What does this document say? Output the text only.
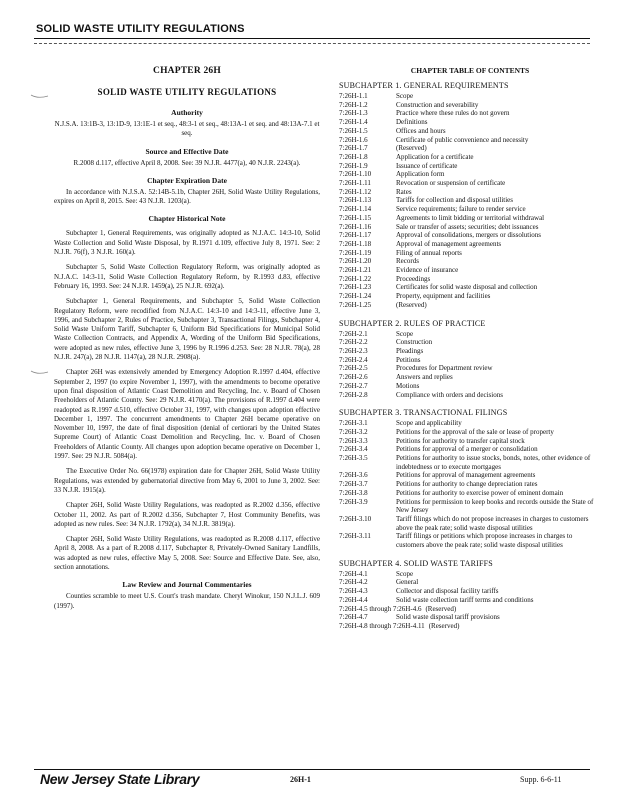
SOLID WASTE UTILITY REGULATIONS
CHAPTER 26H
SOLID WASTE UTILITY REGULATIONS
Authority

N.J.S.A. 13:1B-3, 13:1D-9, 13:1E-1 et seq., 48:3-1 et seq., 48:13A-1 et seq. and 48:13A-7.1 et seq.

Source and Effective Date

R.2008 d.117, effective April 8, 2008. See: 39 N.J.R. 4477(a), 40 N.J.R. 2243(a).

Chapter Expiration Date

In accordance with N.J.S.A. 52:14B-5.1b, Chapter 26H, Solid Waste Utility Regulations, expires on April 8, 2015. See: 43 N.J.R. 1203(a).

Chapter Historical Note

Subchapter 1, General Requirements, was originally adopted as N.J.A.C. 14:3-10, Solid Waste Collection and Solid Waste Disposal, by R.1971 d.109, effective July 8, 1971. See: 2 N.J.R. 76(f), 3 N.J.R. 160(a).

Subchapter 5, Solid Waste Collection Regulatory Reform, was originally adopted as N.J.A.C. 14:3-11, Solid Waste Collection Regulatory Reform, by R.1993 d.83, effective February 16, 1993. See: 24 N.J.R. 1459(a), 25 N.J.R. 692(a).

Subchapter 1, General Requirements, and Subchapter 5, Solid Waste Collection Regulatory Reform, were recodified from N.J.A.C. 14:3-10 and 14:3-11, effective June 3, 1996, and Subchapter 2, Rules of Practice, Subchapter 3, Transactional Filings, Subchapter 4, Solid Waste Uniform Tariff, Subchapter 6, Uniform Bid Specifications for Municipal Solid Waste Collection Contracts, and Appendix A, Wording of the Uniform Bid Specifications, were adopted as new rules, effective June 3, 1996 by R.1996 d.253. See: 28 N.J.R. 78(a), 28 N.J.R. 247(a), 28 N.J.R. 1147(a), 28 N.J.R. 2908(a).

Chapter 26H was extensively amended by Emergency Adoption R.1997 d.404, effective September 2, 1997 (to expire November 1, 1997), with the amendments to become operative upon final disposition of Atlantic Coast Demolition and Recycling, Inc. v. Board of Chosen Freeholders of Atlantic County. See: 29 N.J.R. 4170(a). The provisions of R.1997 d.404 were readopted as R.1997 d.510, effective October 31, 1997, with changes upon adoption effective December 1, 1997. The concurrent amendments to Chapter 26H became operative on November 10, 1997, the date of final disposition (denial of certiorari by the United States Supreme Court) of Atlantic Coast Demolition and Recycling, Inc. v. Board of Chosen Freeholders of Atlantic County. All changes upon adoption became operative on December 1, 1997. See: 29 N.J.R. 5084(a).

The Executive Order No. 66(1978) expiration date for Chapter 26H, Solid Waste Utility Regulations, was extended by gubernatorial directive from May 6, 2001 to June 3, 2002. See: 33 N.J.R. 1915(a).

Chapter 26H, Solid Waste Utility Regulations, was readopted as R.2002 d.356, effective October 11, 2002. As part of R.2002 d.356, Subchapter 7, Host Community Benefits, was adopted as new rules. See: 34 N.J.R. 1792(a), 34 N.J.R. 3819(a).

Chapter 26H, Solid Waste Utility Regulations, was readopted as R.2008 d.117, effective April 8, 2008. As a part of R.2008 d.117, Subchapter 8, Privately-Owned Sanitary Landfills, was adopted as new rules, effective May 5, 2008. See: Source and Effective Date. See, also, section annotations.

Law Review and Journal Commentaries

Counties scramble to meet U.S. Court's trash mandate. Cheryl Winokur, 150 N.J.L.J. 609 (1997).

CHAPTER TABLE OF CONTENTS
SUBCHAPTER 1. GENERAL REQUIREMENTS
7:26H-1.1	Scope
7:26H-1.2	Construction and severability
7:26H-1.3	Practice where these rules do not govern
7:26H-1.4	Definitions
7:26H-1.5	Offices and hours
7:26H-1.6	Certificate of public convenience and necessity
7:26H-1.7	(Reserved)
7:26H-1.8	Application for a certificate
7:26H-1.9	Issuance of certificate
7:26H-1.10	Application form
7:26H-1.11	Revocation or suspension of certificate
7:26H-1.12	Rates
7:26H-1.13	Tariffs for collection and disposal utilities
7:26H-1.14	Service requirements; failure to render service
7:26H-1.15	Agreements to limit bidding or territorial withdrawal
7:26H-1.16	Sale or transfer of assets; securities; debt issuances
7:26H-1.17	Approval of consolidations, mergers or dissolutions
7:26H-1.18	Approval of management agreements
7:26H-1.19	Filing of annual reports
7:26H-1.20	Records
7:26H-1.21	Evidence of insurance
7:26H-1.22	Proceedings
7:26H-1.23	Certificates for solid waste disposal and collection
7:26H-1.24	Property, equipment and facilities
7:26H-1.25	(Reserved)
SUBCHAPTER 2. RULES OF PRACTICE
7:26H-2.1	Scope
7:26H-2.2	Construction
7:26H-2.3	Pleadings
7:26H-2.4	Petitions
7:26H-2.5	Procedures for Department review
7:26H-2.6	Answers and replies
7:26H-2.7	Motions
7:26H-2.8	Compliance with orders and decisions
SUBCHAPTER 3. TRANSACTIONAL FILINGS
7:26H-3.1	Scope and applicability
7:26H-3.2	Petitions for the approval of the sale or lease of property
7:26H-3.3	Petitions for authority to transfer capital stock
7:26H-3.4	Petitions for approval of a merger or consolidation
7:26H-3.5	Petitions for authority to issue stocks, bonds, notes, other evidence of indebtedness or to execute mortgages
7:26H-3.6	Petitions for approval of management agreements
7:26H-3.7	Petitions for authority to change depreciation rates
7:26H-3.8	Petitions for authority to exercise power of eminent domain
7:26H-3.9	Petitions for permission to keep books and records outside the State of New Jersey
7:26H-3.10	Tariff filings which do not propose increases in charges to customers above the peak rate; solid waste disposal utilities
7:26H-3.11	Tariff filings or petitions which propose increases in charges to customers above the peak rate; solid waste disposal utilities
SUBCHAPTER 4. SOLID WASTE TARIFFS
7:26H-4.1	Scope
7:26H-4.2	General
7:26H-4.3	Collector and disposal facility tariffs
7:26H-4.4	Solid waste collection tariff terms and conditions
7:26H-4.5 through 7:26H-4.6 (Reserved)
7:26H-4.7	Solid waste disposal tariff provisions
7:26H-4.8 through 7:26H-4.11 (Reserved)
New Jersey State Library	26H-1	Supp. 6-6-11
